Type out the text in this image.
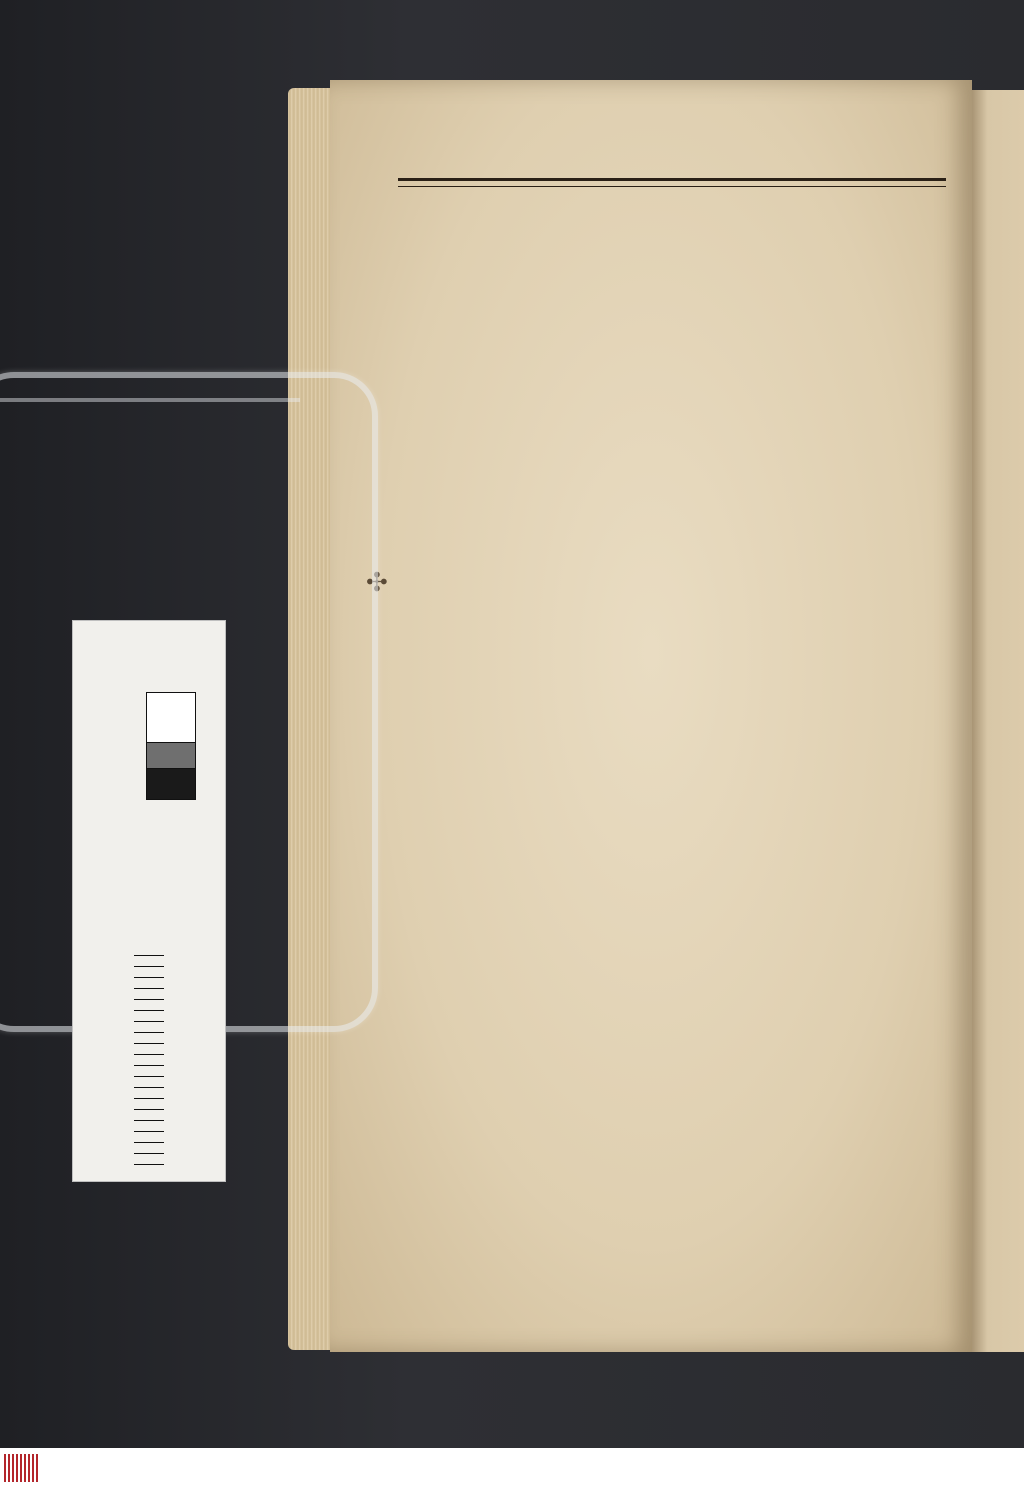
✣
